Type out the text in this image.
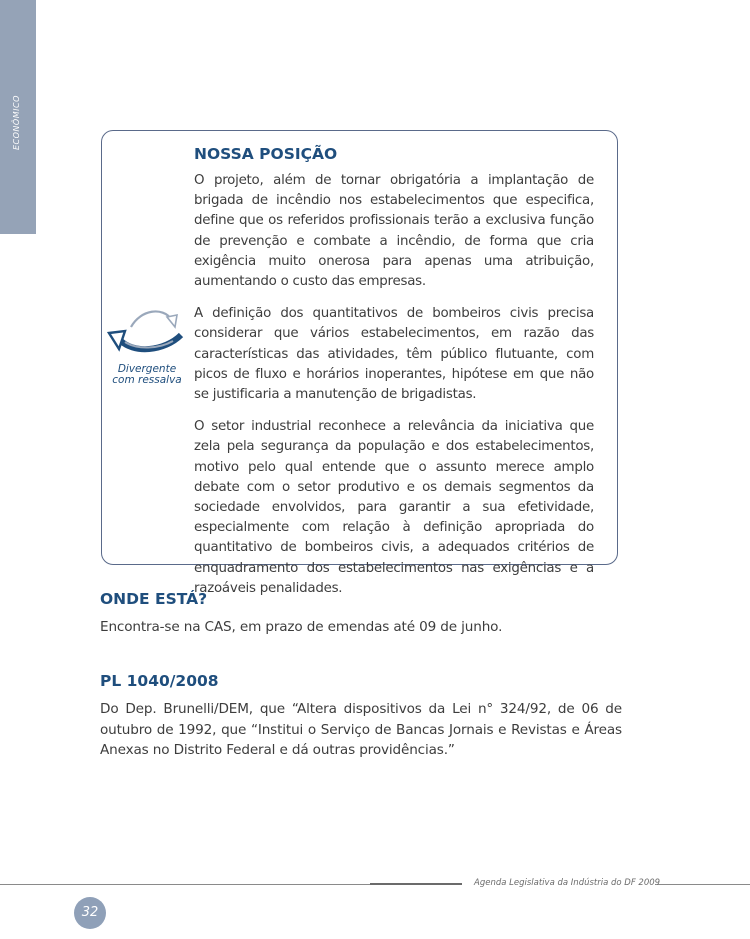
ECONÔMICO
Divergente
com ressalva
NOSSA POSIÇÃO

O projeto, além de tornar obrigatória a implantação de brigada de incêndio nos estabelecimentos que especifica, define que os referidos profissionais terão a exclusiva função de prevenção e combate a incêndio, de forma que cria exigência muito onerosa para apenas uma atribuição, aumentando o custo das empresas.

A definição dos quantitativos de bombeiros civis precisa considerar que vários estabelecimentos, em razão das características das atividades, têm público flutuante, com picos de fluxo e horários inoperantes, hipótese em que não se justificaria a manutenção de brigadistas.

O setor industrial reconhece a relevância da iniciativa que zela pela segurança da população e dos estabelecimentos, motivo pelo qual entende que o assunto merece amplo debate com o setor produtivo e os demais segmentos da sociedade envolvidos, para garantir a sua efetividade, especialmente com relação à definição apropriada do quantitativo de bombeiros civis, a adequados critérios de enquadramento dos estabelecimentos nas exigências e a razoáveis penalidades.

ONDE ESTÁ?

Encontra-se na CAS, em prazo de emendas até 09 de junho.

PL 1040/2008

Do Dep. Brunelli/DEM, que “Altera dispositivos da Lei n° 324/92, de 06 de outubro de 1992, que “Institui o Serviço de Bancas Jornais e Revistas e Áreas Anexas no Distrito Federal e dá outras providências.”

Agenda Legislativa da Indústria do DF 2009
32
